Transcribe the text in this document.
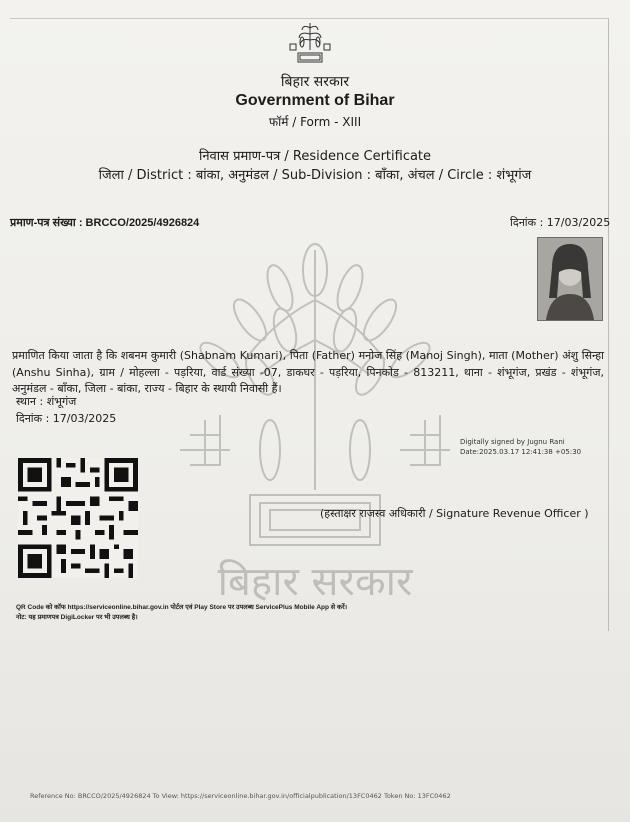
बिहार सरकार
बिहार सरकार
Government of Bihar
फॉर्म / Form - XIII
निवास प्रमाण-पत्र / Residence Certificate
जिला / District : बांका, अनुमंडल / Sub-Division : बाँका, अंचल / Circle : शंभूगंज
प्रमाण-पत्र संख्या : BRCCO/2025/4926824	दिनांक : 17/03/2025
प्रमाणित किया जाता है कि शबनम कुमारी (Shabnam Kumari), पिता (Father) मनोज सिंह (Manoj Singh), माता (Mother) अंशु सिन्हा (Anshu Sinha), ग्राम / मोहल्ला - पड़रिया, वार्ड संख्या -07, डाकघर - पड़रिया, पिनकोड - 813211, थाना - शंभूगंज, प्रखंड - शंभूगंज, अनुमंडल - बाँका, जिला - बांका, राज्य - बिहार के स्थायी निवासी हैं।
स्थान : शंभूगंज
दिनांक : 17/03/2025
Digitally signed by Jugnu Rani
Date:2025.03.17 12:41:38 +05:30
(हस्ताक्षर राजस्व अधिकारी / Signature Revenue Officer )
QR Code को कॉफ https://serviceonline.bihar.gov.in पोर्टल एवं Play Store पर उपलब्ध ServicePlus Mobile App से करें।
नोट: यह प्रमाणपत्र DigiLocker पर भी उपलब्ध है।
Reference No: BRCCO/2025/4926824 To View: https://serviceonline.bihar.gov.in/officialpublication/13FC0462 Token No: 13FC0462
